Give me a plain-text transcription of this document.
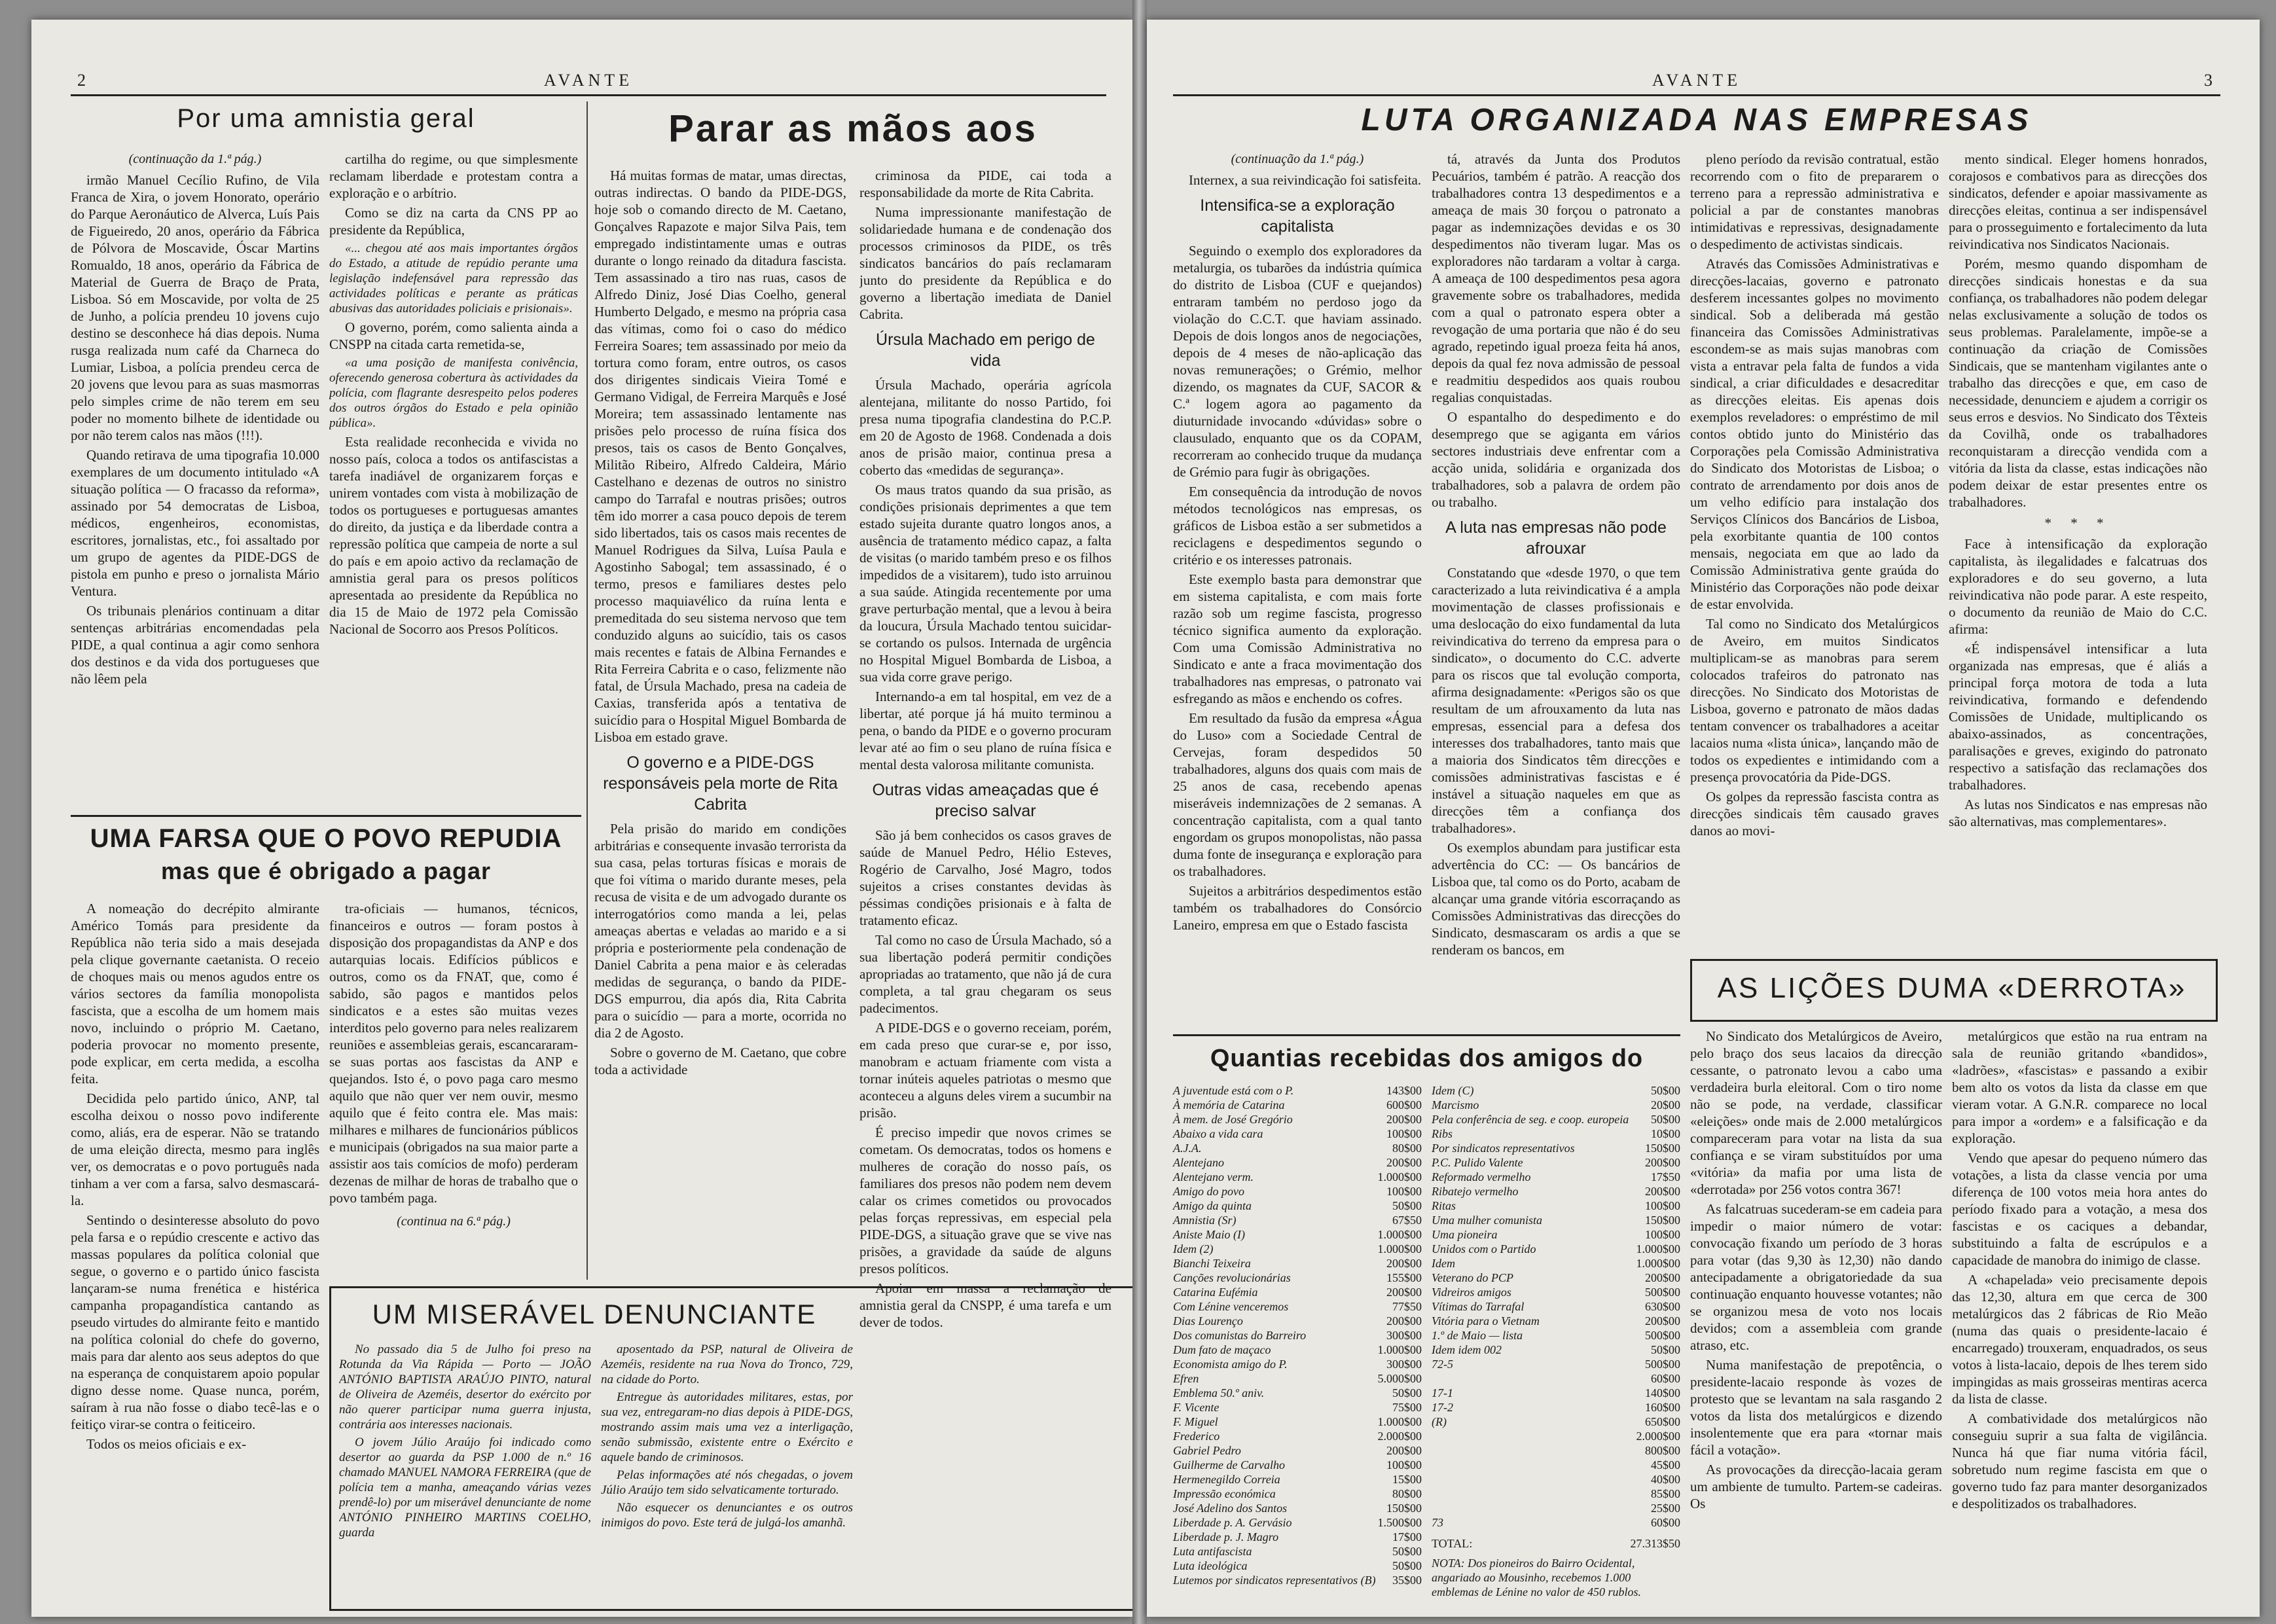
2	AVANTE
Por uma amnistia geral
(continuação da 1.ª pág.)

irmão Manuel Cecílio Rufino, de Vila Franca de Xira, o jovem Honorato, operário do Parque Aeronáutico de Alverca, Luís Pais de Figueiredo, 20 anos, operário da Fábrica de Pólvora de Moscavide, Óscar Martins Romualdo, 18 anos, operário da Fábrica de Material de Guerra de Braço de Prata, Lisboa. Só em Moscavide, por volta de 25 de Junho, a polícia prendeu 10 jovens cujo destino se desconhece há dias depois. Numa rusga realizada num café da Charneca do Lumiar, Lisboa, a polícia prendeu cerca de 20 jovens que levou para as suas masmorras pelo simples crime de não terem em seu poder no momento bilhete de identidade ou por não terem calos nas mãos (!!!).

Quando retirava de uma tipografia 10.000 exemplares de um documento intitulado «A situação política — O fracasso da reforma», assinado por 54 democratas de Lisboa, médicos, engenheiros, economistas, escritores, jornalistas, etc., foi assaltado por um grupo de agentes da PIDE-DGS de pistola em punho e preso o jornalista Mário Ventura.

Os tribunais plenários continuam a ditar sentenças arbitrárias encomendadas pela PIDE, a qual continua a agir como senhora dos destinos e da vida dos portugueses que não lêem pela

cartilha do regime, ou que simplesmente reclamam liberdade e protestam contra a exploração e o arbítrio.

Como se diz na carta da CNS PP ao presidente da República,

«... chegou até aos mais importantes órgãos do Estado, a atitude de repúdio perante uma legislação indefensável para repressão das actividades políticas e perante as práticas abusivas das autoridades policiais e prisionais».

O governo, porém, como salienta ainda a CNSPP na citada carta remetida-se,

«a uma posição de manifesta conivência, oferecendo generosa cobertura às actividades da polícia, com flagrante desrespeito pelos poderes dos outros órgãos do Estado e pela opinião pública».

Esta realidade reconhecida e vivida no nosso país, coloca a todos os antifascistas a tarefa inadiável de organizarem forças e unirem vontades com vista à mobilização de todos os portugueses e portuguesas amantes do direito, da justiça e da liberdade contra a repressão política que campeia de norte a sul do país e em apoio activo da reclamação de amnistia geral para os presos políticos apresentada ao presidente da República no dia 15 de Maio de 1972 pela Comissão Nacional de Socorro aos Presos Políticos.

UMA FARSA QUE O POVO REPUDIA
mas que é obrigado a pagar

A nomeação do decrépito almirante Américo Tomás para presidente da República não teria sido a mais desejada pela clique governante caetanista. O receio de choques mais ou menos agudos entre os vários sectores da família monopolista fascista, que a escolha de um homem mais novo, incluindo o próprio M. Caetano, poderia provocar no momento presente, pode explicar, em certa medida, a escolha feita.

Decidida pelo partido único, ANP, tal escolha deixou o nosso povo indiferente como, aliás, era de esperar. Não se tratando de uma eleição directa, mesmo para inglês ver, os democratas e o povo português nada tinham a ver com a farsa, salvo desmascará-la.

Sentindo o desinteresse absoluto do povo pela farsa e o repúdio crescente e activo das massas populares da política colonial que segue, o governo e o partido único fascista lançaram-se numa frenética e histérica campanha propagandística cantando as pseudo virtudes do almirante feito e mantido na política colonial do chefe do governo, mais para dar alento aos seus adeptos do que na esperança de conquistarem apoio popular digno desse nome. Quase nunca, porém, saíram à rua não fosse o diabo tecê-las e o feitiço virar-se contra o feiticeiro.

Todos os meios oficiais e ex-

tra-oficiais — humanos, técnicos, financeiros e outros — foram postos à disposição dos propagandistas da ANP e dos autarquias locais. Edifícios públicos e outros, como os da FNAT, que, como é sabido, são pagos e mantidos pelos sindicatos e a estes são muitas vezes interditos pelo governo para neles realizarem reuniões e assembleias gerais, escancararam-se suas portas aos fascistas da ANP e quejandos. Isto é, o povo paga caro mesmo aquilo que não quer ver nem ouvir, mesmo aquilo que é feito contra ele. Mas mais: milhares e milhares de funcionários públicos e municipais (obrigados na sua maior parte a assistir aos tais comícios de mofo) perderam dezenas de milhar de horas de trabalho que o povo também paga.

(continua na 6.ª pág.)
UM MISERÁVEL DENUNCIANTE

No passado dia 5 de Julho foi preso na Rotunda da Via Rápida — Porto — JOÃO ANTÓNIO BAPTISTA ARAÚJO PINTO, natural de Oliveira de Azeméis, desertor do exército por não querer participar numa guerra injusta, contrária aos interesses nacionais.

O jovem Júlio Araújo foi indicado como desertor ao guarda da PSP 1.000 de n.º 16 chamado MANUEL NAMORA FERREIRA (que de polícia tem a manha, ameaçando várias vezes prendê-lo) por um miserável denunciante de nome ANTÓNIO PINHEIRO MARTINS COELHO, guarda

aposentado da PSP, natural de Oliveira de Azeméis, residente na rua Nova do Tronco, 729, na cidade do Porto.

Entregue às autoridades militares, estas, por sua vez, entregaram-no dias depois à PIDE-DGS, mostrando assim mais uma vez a interligação, senão submissão, existente entre o Exército e aquele bando de criminosos.

Pelas informações até nós chegadas, o jovem Júlio Araújo tem sido selvaticamente torturado.

Não esquecer os denunciantes e os outros inimigos do povo. Este terá de julgá-los amanhã.

Parar as mãos aos

Há muitas formas de matar, umas directas, outras indirectas. O bando da PIDE-DGS, hoje sob o comando directo de M. Caetano, Gonçalves Rapazote e major Silva Pais, tem empregado indistintamente umas e outras durante o longo reinado da ditadura fascista. Tem assassinado a tiro nas ruas, casos de Alfredo Diniz, José Dias Coelho, general Humberto Delgado, e mesmo na própria casa das vítimas, como foi o caso do médico Ferreira Soares; tem assassinado por meio da tortura como foram, entre outros, os casos dos dirigentes sindicais Vieira Tomé e Germano Vidigal, de Ferreira Marquês e José Moreira; tem assassinado lentamente nas prisões pelo processo de ruína física dos presos, tais os casos de Bento Gonçalves, Militão Ribeiro, Alfredo Caldeira, Mário Castelhano e dezenas de outros no sinistro campo do Tarrafal e noutras prisões; outros têm ido morrer a casa pouco depois de terem sido libertados, tais os casos mais recentes de Manuel Rodrigues da Silva, Luísa Paula e Agostinho Sabogal; tem assassinado, é o termo, presos e familiares destes pelo processo maquiavélico da ruína lenta e premeditada do seu sistema nervoso que tem conduzido alguns ao suicídio, tais os casos mais recentes e fatais de Albina Fernandes e Rita Ferreira Cabrita e o caso, felizmente não fatal, de Úrsula Machado, presa na cadeia de Caxias, transferida após a tentativa de suicídio para o Hospital Miguel Bombarda de Lisboa em estado grave.

O governo e a PIDE-DGS responsáveis pela morte de Rita Cabrita

Pela prisão do marido em condições arbitrárias e consequente invasão terrorista da sua casa, pelas torturas físicas e morais de que foi vítima o marido durante meses, pela recusa de visita e de um advogado durante os interrogatórios como manda a lei, pelas ameaças abertas e veladas ao marido e a si própria e posteriormente pela condenação de Daniel Cabrita a pena maior e às celeradas medidas de segurança, o bando da PIDE-DGS empurrou, dia após dia, Rita Cabrita para o suicídio — para a morte, ocorrida no dia 2 de Agosto.

Sobre o governo de M. Caetano, que cobre toda a actividade

criminosa da PIDE, cai toda a responsabilidade da morte de Rita Cabrita.

Numa impressionante manifestação de solidariedade humana e de condenação dos processos criminosos da PIDE, os três sindicatos bancários do país reclamaram junto do presidente da República e do governo a libertação imediata de Daniel Cabrita.

Úrsula Machado em perigo de vida

Úrsula Machado, operária agrícola alentejana, militante do nosso Partido, foi presa numa tipografia clandestina do P.C.P. em 20 de Agosto de 1968. Condenada a dois anos de prisão maior, continua presa a coberto das «medidas de segurança».

Os maus tratos quando da sua prisão, as condições prisionais deprimentes a que tem estado sujeita durante quatro longos anos, a ausência de tratamento médico capaz, a falta de visitas (o marido também preso e os filhos impedidos de a visitarem), tudo isto arruinou a sua saúde. Atingida recentemente por uma grave perturbação mental, que a levou à beira da loucura, Úrsula Machado tentou suicidar-se cortando os pulsos. Internada de urgência no Hospital Miguel Bombarda de Lisboa, a sua vida corre grave perigo.

Internando-a em tal hospital, em vez de a libertar, até porque já há muito terminou a pena, o bando da PIDE e o governo procuram levar até ao fim o seu plano de ruína física e mental desta valorosa militante comunista.

Outras vidas ameaçadas que é preciso salvar

São já bem conhecidos os casos graves de saúde de Manuel Pedro, Hélio Esteves, Rogério de Carvalho, José Magro, todos sujeitos a crises constantes devidas às péssimas condições prisionais e à falta de tratamento eficaz.

Tal como no caso de Úrsula Machado, só a sua libertação poderá permitir condições apropriadas ao tratamento, que não já de cura completa, a tal grau chegaram os seus padecimentos.

A PIDE-DGS e o governo receiam, porém, em cada preso que curar-se e, por isso, manobram e actuam friamente com vista a tornar inúteis aqueles patriotas o mesmo que aconteceu a alguns deles virem a sucumbir na prisão.

É preciso impedir que novos crimes se cometam. Os democratas, todos os homens e mulheres de coração do nosso país, os familiares dos presos não podem nem devem calar os crimes cometidos ou provocados pelas forças repressivas, em especial pela PIDE-DGS, a situação grave que se vive nas prisões, a gravidade da saúde de alguns presos políticos.

Apoiar em massa a reclamação de amnistia geral da CNSPP, é uma tarefa e um dever de todos.

AVANTE	3
LUTA ORGANIZADA NAS EMPRESAS
(continuação da 1.ª pág.)

Internex, a sua reivindicação foi satisfeita.

Intensifica-se a exploração capitalista

Seguindo o exemplo dos exploradores da metalurgia, os tubarões da indústria química do distrito de Lisboa (CUF e quejandos) entraram também no perdoso jogo da violação do C.C.T. que haviam assinado. Depois de dois longos anos de negociações, depois de 4 meses de não-aplicação das novas remunerações; o Grémio, melhor dizendo, os magnates da CUF, SACOR & C.ª logem agora ao pagamento da diuturnidade invocando «dúvidas» sobre o clausulado, enquanto que os da COPAM, recorreram ao conhecido truque da mudança de Grémio para fugir às obrigações.

Em consequência da introdução de novos métodos tecnológicos nas empresas, os gráficos de Lisboa estão a ser submetidos a reciclagens e despedimentos segundo o critério e os interesses patronais.

Este exemplo basta para demonstrar que em sistema capitalista, e com mais forte razão sob um regime fascista, progresso técnico significa aumento da exploração. Com uma Comissão Administrativa no Sindicato e ante a fraca movimentação dos trabalhadores nas empresas, o patronato vai esfregando as mãos e enchendo os cofres.

Em resultado da fusão da empresa «Água do Luso» com a Sociedade Central de Cervejas, foram despedidos 50 trabalhadores, alguns dos quais com mais de 25 anos de casa, recebendo apenas miseráveis indemnizações de 2 semanas. A concentração capitalista, com a qual tanto engordam os grupos monopolistas, não passa duma fonte de insegurança e exploração para os trabalhadores.

Sujeitos a arbitrários despedimentos estão também os trabalhadores do Consórcio Laneiro, empresa em que o Estado fascista

tá, através da Junta dos Produtos Pecuários, também é patrão. A reacção dos trabalhadores contra 13 despedimentos e a ameaça de mais 30 forçou o patronato a pagar as indemnizações devidas e os 30 despedimentos não tiveram lugar. Mas os exploradores não tardaram a voltar à carga. A ameaça de 100 despedimentos pesa agora gravemente sobre os trabalhadores, medida com a qual o patronato espera obter a revogação de uma portaria que não é do seu agrado, repetindo igual proeza feita há anos, depois da qual fez nova admissão de pessoal e readmitiu despedidos aos quais roubou regalias conquistadas.

O espantalho do despedimento e do desemprego que se agiganta em vários sectores industriais deve enfrentar com a acção unida, solidária e organizada dos trabalhadores, sob a palavra de ordem pão ou trabalho.

A luta nas empresas não pode afrouxar

Constatando que «desde 1970, o que tem caracterizado a luta reivindicativa é a ampla movimentação de classes profissionais e uma deslocação do eixo fundamental da luta reivindicativa do terreno da empresa para o sindicato», o documento do C.C. adverte para os riscos que tal evolução comporta, afirma designadamente: «Perigos são os que resultam de um afrouxamento da luta nas empresas, essencial para a defesa dos interesses dos trabalhadores, tanto mais que a maioria dos Sindicatos têm direcções e comissões administrativas fascistas e é instável a situação naqueles em que as direcções têm a confiança dos trabalhadores».

Os exemplos abundam para justificar esta advertência do CC: — Os bancários de Lisboa que, tal como os do Porto, acabam de alcançar uma grande vitória escorraçando as Comissões Administrativas das direcções do Sindicato, desmascaram os ardis a que se renderam os bancos, em

pleno período da revisão contratual, estão recorrendo com o fito de prepararem o terreno para a repressão administrativa e policial a par de constantes manobras intimidativas e repressivas, designadamente o despedimento de activistas sindicais.

Através das Comissões Administrativas e direcções-lacaias, governo e patronato desferem incessantes golpes no movimento sindical. Sob a deliberada má gestão financeira das Comissões Administrativas escondem-se as mais sujas manobras com vista a entravar pela falta de fundos a vida sindical, a criar dificuldades e desacreditar as direcções eleitas. Eis apenas dois exemplos reveladores: o empréstimo de mil contos obtido junto do Ministério das Corporações pela Comissão Administrativa do Sindicato dos Motoristas de Lisboa; o contrato de arrendamento por dois anos de um velho edifício para instalação dos Serviços Clínicos dos Bancários de Lisboa, pela exorbitante quantia de 100 contos mensais, negociata em que ao lado da Comissão Administrativa gente graúda do Ministério das Corporações não pode deixar de estar envolvida.

Tal como no Sindicato dos Metalúrgicos de Aveiro, em muitos Sindicatos multiplicam-se as manobras para serem colocados trafeiros do patronato nas direcções. No Sindicato dos Motoristas de Lisboa, governo e patronato de mãos dadas tentam convencer os trabalhadores a aceitar lacaios numa «lista única», lançando mão de todos os expedientes e intimidando com a presença provocatória da Pide-DGS.

Os golpes da repressão fascista contra as direcções sindicais têm causado graves danos ao movi-

mento sindical. Eleger homens honrados, corajosos e combativos para as direcções dos sindicatos, defender e apoiar massivamente as direcções eleitas, continua a ser indispensável para o prosseguimento e fortalecimento da luta reivindicativa nos Sindicatos Nacionais.

Porém, mesmo quando dispomham de direcções sindicais honestas e da sua confiança, os trabalhadores não podem delegar nelas exclusivamente a solução de todos os seus problemas. Paralelamente, impõe-se a continuação da criação de Comissões Sindicais, que se mantenham vigilantes ante o trabalho das direcções e que, em caso de necessidade, denunciem e ajudem a corrigir os seus erros e desvios. No Sindicato dos Têxteis da Covilhã, onde os trabalhadores reconquistaram a direcção vendida com a vitória da lista da classe, estas indicações não podem deixar de estar presentes entre os trabalhadores.

* * *

Face à intensificação da exploração capitalista, às ilegalidades e falcatruas dos exploradores e do seu governo, a luta reivindicativa não pode parar. A este respeito, o documento da reunião de Maio do C.C. afirma:

«É indispensável intensificar a luta organizada nas empresas, que é aliás a principal força motora de toda a luta reivindicativa, formando e defendendo Comissões de Unidade, multiplicando os abaixo-assinados, as concentrações, paralisações e greves, exigindo do patronato respectivo a satisfação das reclamações dos trabalhadores.

As lutas nos Sindicatos e nas empresas não são alternativas, mas complementares».

Quantias recebidas dos amigos do
A juventude está com o P.	143$00
À memória de Catarina	600$00
À mem. de José Gregório	200$00
Abaixo a vida cara	100$00
A.J.A.	80$00
Alentejano	200$00
Alentejano verm.	1.000$00
Amigo do povo	100$00
Amigo da quinta	50$00
Amnistia (Sr)	67$50
Aniste Maio (I)	1.000$00
Idem (2)	1.000$00
Bianchi Teixeira	200$00
Canções revolucionárias	155$00
Catarina Eufémia	200$00
Com Lénine venceremos	77$50
Dias Lourenço	200$00
Dos comunistas do Barreiro	300$00
Dum fato de maçaco	1.000$00
Economista amigo do P.	300$00
Efren	5.000$00
Emblema 50.º aniv.	50$00
F. Vicente	75$00
F. Miguel	1.000$00
Frederico	2.000$00
Gabriel Pedro	200$00
Guilherme de Carvalho	100$00
Hermenegildo Correia	15$00
Impressão económica	80$00
José Adelino dos Santos	150$00
Liberdade p. A. Gervásio	1.500$00
Liberdade p. J. Magro	17$00
Luta antifascista	50$00
Luta ideológica	50$00
Lutemos por sindicatos representativos (B) 35$00
Idem (C)	50$00
Marcismo	20$00
Pela conferência de seg. e coop. europeia 50$00
Ribs	10$00
Por sindicatos representativos	150$00
P.C. Pulido Valente	200$00
Reformado vermelho	17$50
Ribatejo vermelho	200$00
Ritas	100$00
Uma mulher comunista	150$00
Uma pioneira	100$00
Unidos com o Partido	1.000$00
Idem	1.000$00
Veterano do PCP	200$00
Vidreiros amigos	500$00
Vítimas do Tarrafal	630$00
Vitória para o Vietnam	200$00
1.º de Maio — lista	500$00
Idem idem 002	50$00
72-5	500$00
60$00
17-1	140$00
17-2	160$00
(R)	650$00
2.000$00
800$00
45$00
40$00
85$00
25$00
73	60$00
TOTAL:	27.313$50
NOTA: Dos pioneiros do Bairro Ocidental, angariado ao Mousinho, recebemos 1.000 emblemas de Lénine no valor de 450 rublos.
AS LIÇÕES DUMA «DERROTA»

No Sindicato dos Metalúrgicos de Aveiro, pelo braço dos seus lacaios da direcção cessante, o patronato levou a cabo uma verdadeira burla eleitoral. Com o tiro nome não se pode, na verdade, classificar «eleições» onde mais de 2.000 metalúrgicos compareceram para votar na lista da sua confiança e se viram substituídos por uma «vitória» da mafia por uma lista de «derrotada» por 256 votos contra 367!

As falcatruas sucederam-se em cadeia para impedir o maior número de votar: convocação fixando um período de 3 horas para votar (das 9,30 às 12,30) não dando antecipadamente a obrigatoriedade da sua continuação enquanto houvesse votantes; não se organizou mesa de voto nos locais devidos; com a assembleia com grande atraso, etc.

Numa manifestação de prepotência, o presidente-lacaio responde às vozes de protesto que se levantam na sala rasgando 2 votos da lista dos metalúrgicos e dizendo insolentemente que era para «tornar mais fácil a votação».

As provocações da direcção-lacaia geram um ambiente de tumulto. Partem-se cadeiras. Os

metalúrgicos que estão na rua entram na sala de reunião gritando «bandidos», «ladrões», «fascistas» e passando a exibir bem alto os votos da lista da classe em que vieram votar. A G.N.R. comparece no local para impor a «ordem» e a falsificação e da exploração.

Vendo que apesar do pequeno número das votações, a lista da classe vencia por uma diferença de 100 votos meia hora antes do período fixado para a votação, a mesa dos fascistas e os caciques a debandar, substituindo a falta de escrúpulos e a capacidade de manobra do inimigo de classe.

A «chapelada» veio precisamente depois das 12,30, altura em que cerca de 300 metalúrgicos das 2 fábricas de Rio Meão (numa das quais o presidente-lacaio é encarregado) trouxeram, enquadrados, os seus votos à lista-lacaio, depois de lhes terem sido impingidas as mais grosseiras mentiras acerca da lista de classe.

A combatividade dos metalúrgicos não conseguiu suprir a sua falta de vigilância. Nunca há que fiar numa vitória fácil, sobretudo num regime fascista em que o governo tudo faz para manter desorganizados e despolitizados os trabalhadores.
